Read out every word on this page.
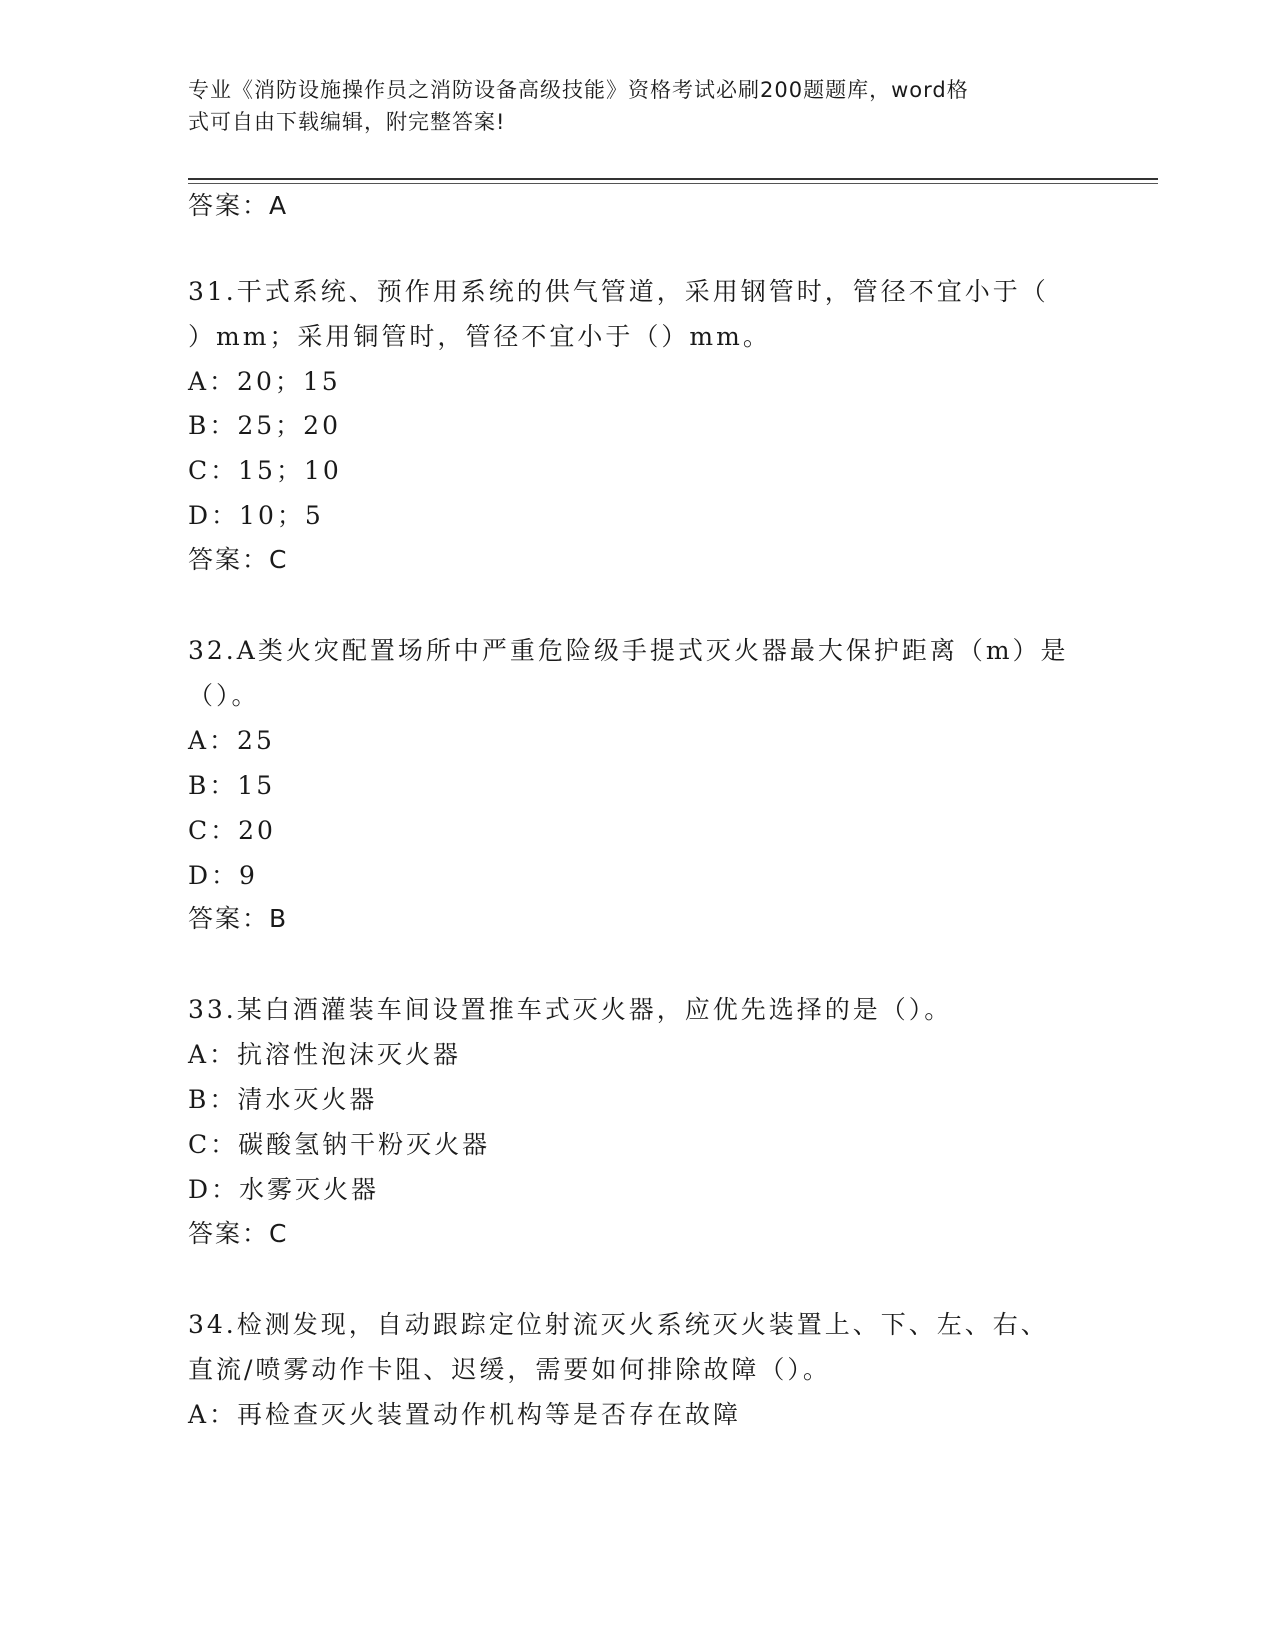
专业《消防设施操作员之消防设备高级技能》资格考试必刷200题题库，word格
式可自由下载编辑，附完整答案!
答案：A
31.干式系统、预作用系统的供气管道，采用钢管时，管径不宜小于（
）mm；采用铜管时，管径不宜小于（）mm。
A：20；15
B：25；20
C：15；10
D：10；5
答案：C
32.A类火灾配置场所中严重危险级手提式灭火器最大保护距离（m）是
（）。
A：25
B：15
C：20
D：9
答案：B
33.某白酒灌装车间设置推车式灭火器，应优先选择的是（）。
A：抗溶性泡沫灭火器
B：清水灭火器
C：碳酸氢钠干粉灭火器
D：水雾灭火器
答案：C
34.检测发现，自动跟踪定位射流灭火系统灭火装置上、下、左、右、
直流/喷雾动作卡阻、迟缓，需要如何排除故障（）。
A：再检查灭火装置动作机构等是否存在故障
